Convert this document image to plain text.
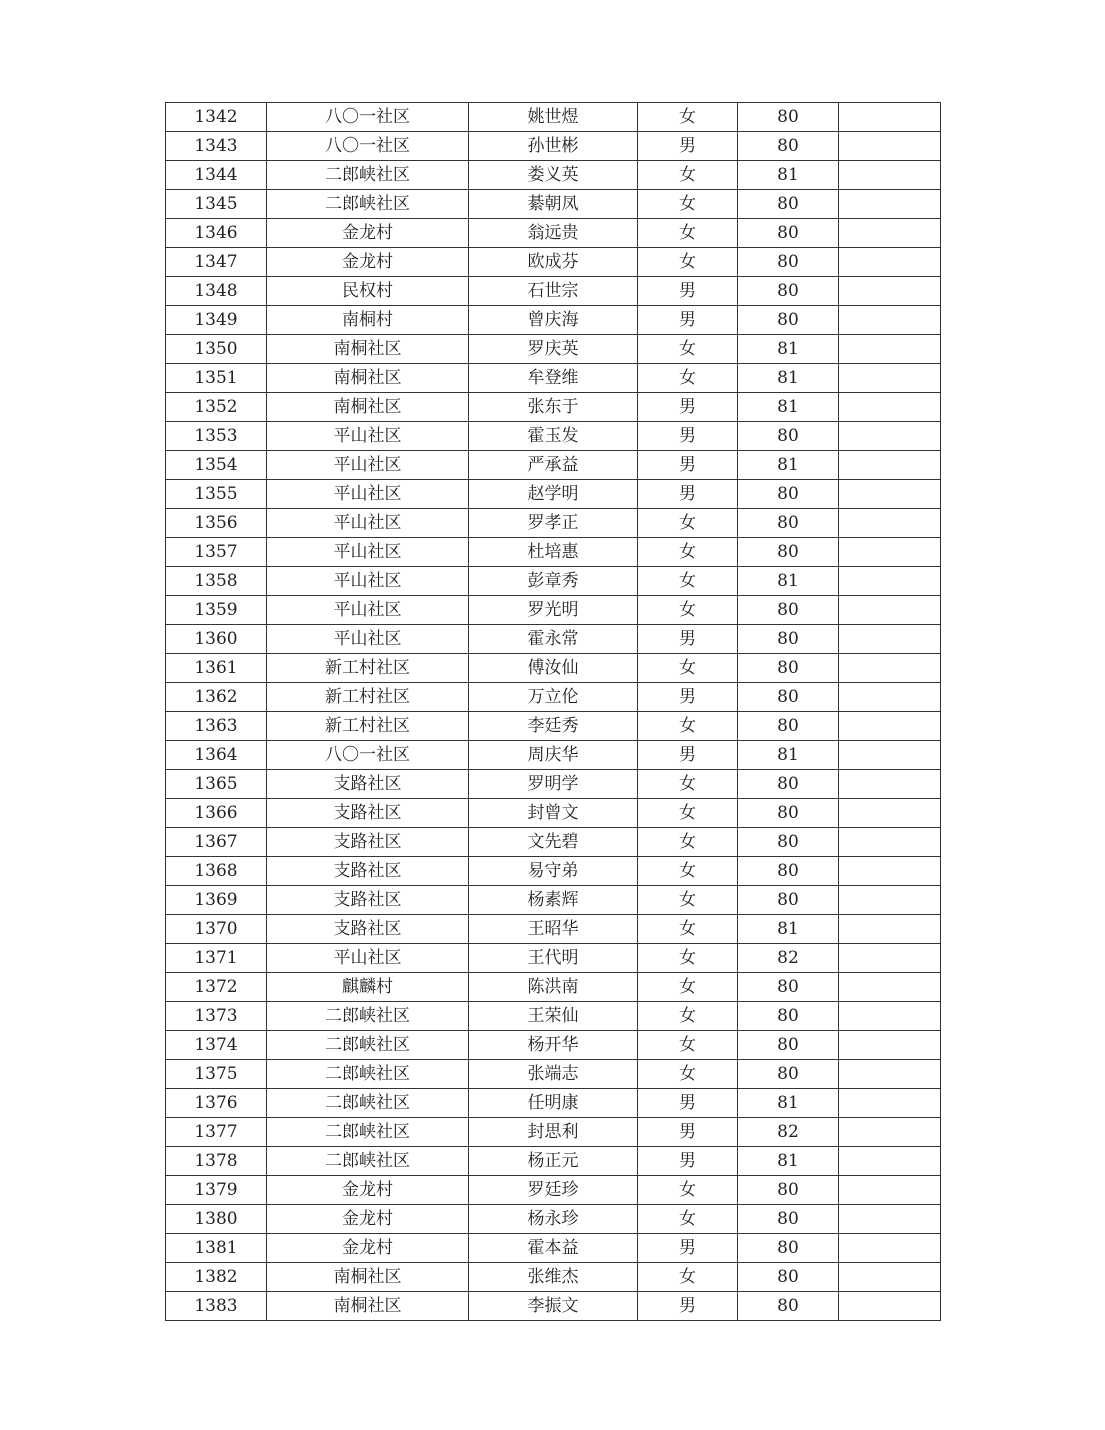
1342	八〇一社区	姚世煜	女	80	
1343	八〇一社区	孙世彬	男	80	
1344	二郎峡社区	娄义英	女	81	
1345	二郎峡社区	綦朝凤	女	80	
1346	金龙村	翁远贵	女	80	
1347	金龙村	欧成芬	女	80	
1348	民权村	石世宗	男	80	
1349	南桐村	曾庆海	男	80	
1350	南桐社区	罗庆英	女	81	
1351	南桐社区	牟登维	女	81	
1352	南桐社区	张东于	男	81	
1353	平山社区	霍玉发	男	80	
1354	平山社区	严承益	男	81	
1355	平山社区	赵学明	男	80	
1356	平山社区	罗孝正	女	80	
1357	平山社区	杜培惠	女	80	
1358	平山社区	彭章秀	女	81	
1359	平山社区	罗光明	女	80	
1360	平山社区	霍永常	男	80	
1361	新工村社区	傅汝仙	女	80	
1362	新工村社区	万立伦	男	80	
1363	新工村社区	李廷秀	女	80	
1364	八〇一社区	周庆华	男	81	
1365	支路社区	罗明学	女	80	
1366	支路社区	封曾文	女	80	
1367	支路社区	文先碧	女	80	
1368	支路社区	易守弟	女	80	
1369	支路社区	杨素辉	女	80	
1370	支路社区	王昭华	女	81	
1371	平山社区	王代明	女	82	
1372	麒麟村	陈洪南	女	80	
1373	二郎峡社区	王荣仙	女	80	
1374	二郎峡社区	杨开华	女	80	
1375	二郎峡社区	张端志	女	80	
1376	二郎峡社区	任明康	男	81	
1377	二郎峡社区	封思利	男	82	
1378	二郎峡社区	杨正元	男	81	
1379	金龙村	罗廷珍	女	80	
1380	金龙村	杨永珍	女	80	
1381	金龙村	霍本益	男	80	
1382	南桐社区	张维杰	女	80	
1383	南桐社区	李振文	男	80	
